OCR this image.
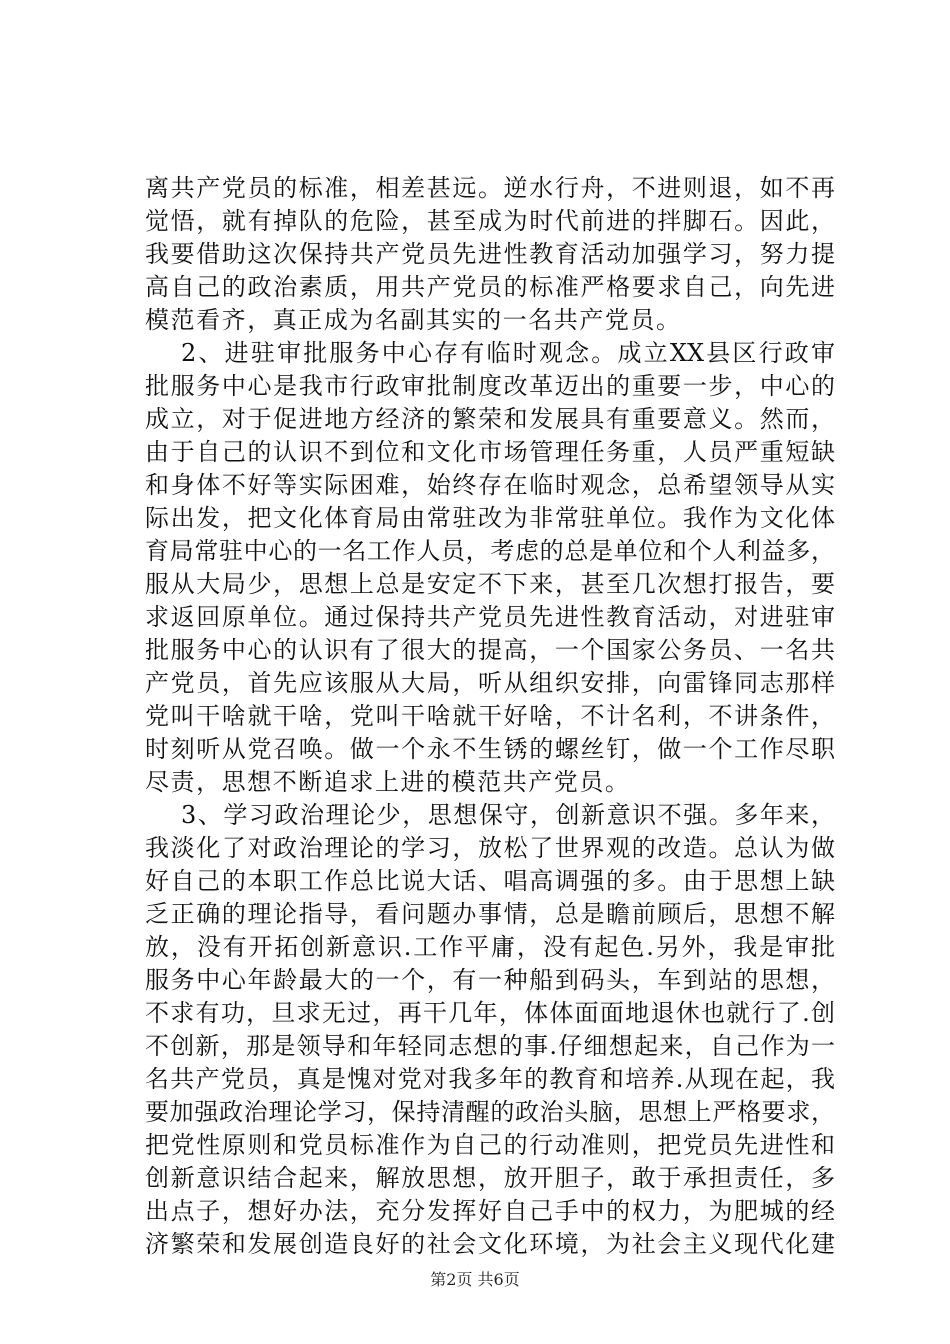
离共产党员的标准，相差甚远。逆水行舟，不进则退，如不再
觉悟，就有掉队的危险，甚至成为时代前进的拌脚石。因此，
我要借助这次保持共产党员先进性教育活动加强学习，努力提
高自己的政治素质，用共产党员的标准严格要求自己，向先进
模范看齐，真正成为名副其实的一名共产党员。
2、进驻审批服务中心存有临时观念。成立XX县区行政审
批服务中心是我市行政审批制度改革迈出的重要一步，中心的
成立，对于促进地方经济的繁荣和发展具有重要意义。然而，
由于自己的认识不到位和文化市场管理任务重，人员严重短缺
和身体不好等实际困难，始终存在临时观念，总希望领导从实
际出发，把文化体育局由常驻改为非常驻单位。我作为文化体
育局常驻中心的一名工作人员，考虑的总是单位和个人利益多，
服从大局少，思想上总是安定不下来，甚至几次想打报告，要
求返回原单位。通过保持共产党员先进性教育活动，对进驻审
批服务中心的认识有了很大的提高，一个国家公务员、一名共
产党员，首先应该服从大局，听从组织安排，向雷锋同志那样
党叫干啥就干啥，党叫干啥就干好啥，不计名利，不讲条件，
时刻听从党召唤。做一个永不生锈的螺丝钉，做一个工作尽职
尽责，思想不断追求上进的模范共产党员。
3、学习政治理论少，思想保守，创新意识不强。多年来，
我淡化了对政治理论的学习，放松了世界观的改造。总认为做
好自己的本职工作总比说大话、唱高调强的多。由于思想上缺
乏正确的理论指导，看问题办事情，总是瞻前顾后，思想不解
放，没有开拓创新意识.工作平庸，没有起色.另外，我是审批
服务中心年龄最大的一个，有一种船到码头，车到站的思想，
不求有功，旦求无过，再干几年，体体面面地退休也就行了.创
不创新，那是领导和年轻同志想的事.仔细想起来，自己作为一
名共产党员，真是愧对党对我多年的教育和培养.从现在起，我
要加强政治理论学习，保持清醒的政治头脑，思想上严格要求，
把党性原则和党员标准作为自己的行动准则，把党员先进性和
创新意识结合起来，解放思想，放开胆子，敢于承担责任，多
出点子，想好办法，充分发挥好自己手中的权力，为肥城的经
济繁荣和发展创造良好的社会文化环境，为社会主义现代化建
第2页 共6页
